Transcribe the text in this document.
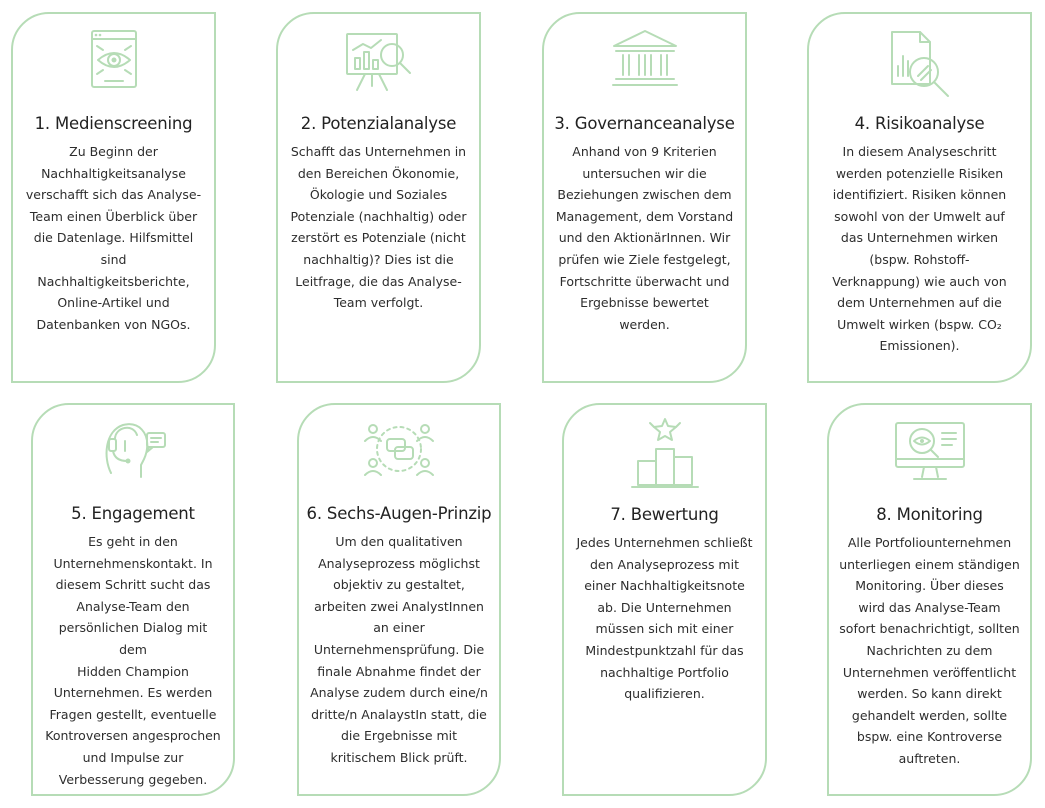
1. Medienscreening
Zu Beginn der
Nachhaltigkeitsanalyse
verschafft sich das Analyse-
Team einen Überblick über
die Datenlage. Hilfsmittel
sind
Nachhaltigkeitsberichte,
Online-Artikel und
Datenbanken von NGOs.
2. Potenzialanalyse
Schafft das Unternehmen in
den Bereichen Ökonomie,
Ökologie und Soziales
Potenziale (nachhaltig) oder
zerstört es Potenziale (nicht
nachhaltig)? Dies ist die
Leitfrage, die das Analyse-
Team verfolgt.
3. Governanceanalyse
Anhand von 9 Kriterien
untersuchen wir die
Beziehungen zwischen dem
Management, dem Vorstand
und den AktionärInnen. Wir
prüfen wie Ziele festgelegt,
Fortschritte überwacht und
Ergebnisse bewertet
werden.
4. Risikoanalyse
In diesem Analyseschritt
werden potenzielle Risiken
identifiziert. Risiken können
sowohl von der Umwelt auf
das Unternehmen wirken
(bspw. Rohstoff-
Verknappung) wie auch von
dem Unternehmen auf die
Umwelt wirken (bspw. CO₂
Emissionen).
5. Engagement
Es geht in den
Unternehmenskontakt. In
diesem Schritt sucht das
Analyse-Team den
persönlichen Dialog mit dem
Hidden Champion
Unternehmen. Es werden
Fragen gestellt, eventuelle
Kontroversen angesprochen
und Impulse zur
Verbesserung gegeben.
6. Sechs-Augen-Prinzip
Um den qualitativen
Analyseprozess möglichst
objektiv zu gestaltet,
arbeiten zwei AnalystInnen
an einer
Unternehmensprüfung. Die
finale Abnahme findet der
Analyse zudem durch eine/n
dritte/n AnalaystIn statt, die
die Ergebnisse mit
kritischem Blick prüft.
7. Bewertung
Jedes Unternehmen schließt
den Analyseprozess mit
einer Nachhaltigkeitsnote
ab. Die Unternehmen
müssen sich mit einer
Mindestpunktzahl für das
nachhaltige Portfolio
qualifizieren.
8. Monitoring
Alle Portfoliounternehmen
unterliegen einem ständigen
Monitoring. Über dieses
wird das Analyse-Team
sofort benachrichtigt, sollten
Nachrichten zu dem
Unternehmen veröffentlicht
werden. So kann direkt
gehandelt werden, sollte
bspw. eine Kontroverse
auftreten.
